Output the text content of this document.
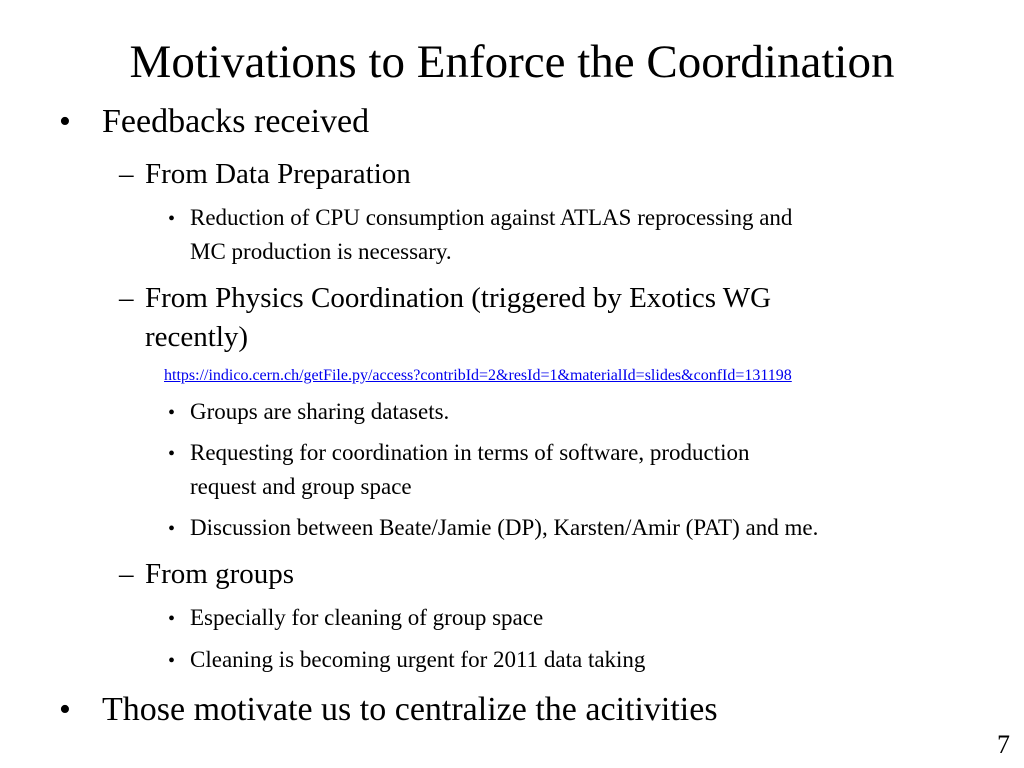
Motivations to Enforce the Coordination
• Feedbacks received
– From Data Preparation
• Reduction of CPU consumption against ATLAS reprocessing and
MC production is necessary.
– From Physics Coordination (triggered by Exotics WG
recently)
https://indico.cern.ch/getFile.py/access?contribId=2&resId=1&materialId=slides&confId=131198
• Groups are sharing datasets.
• Requesting for coordination in terms of software, production
request and group space
• Discussion between Beate/Jamie (DP), Karsten/Amir (PAT) and me.
– From groups
• Especially for cleaning of group space
• Cleaning is becoming urgent for 2011 data taking
• Those motivate us to centralize the acitivities
7
